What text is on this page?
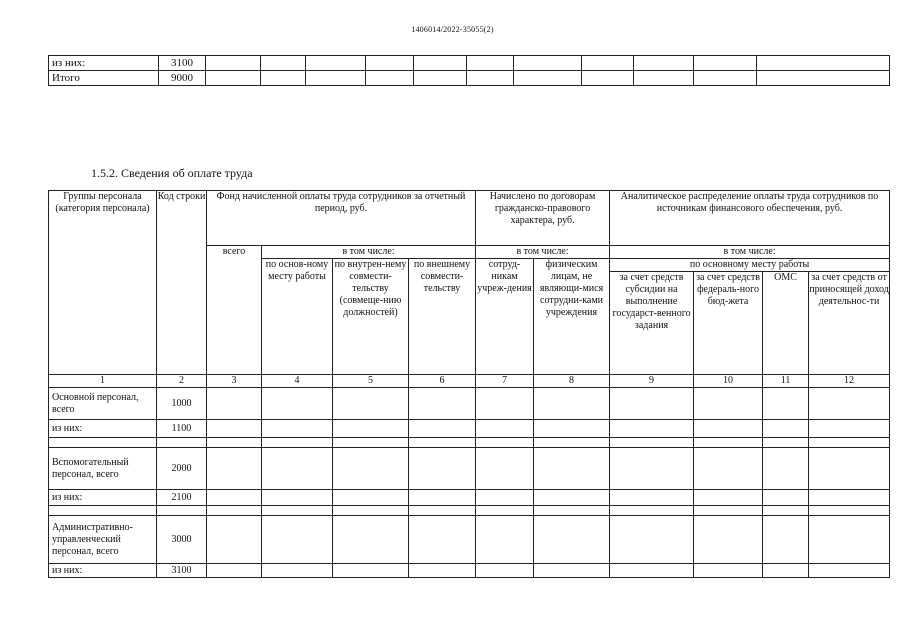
1406014/2022-35055(2)
из них:	3100											
Итого	9000											
1.5.2. Сведения об оплате труда
Группы персонала (категория персонала)	Код строки	Фонд начисленной оплаты труда сотрудников за отчетный период, руб.				Начислено по договорам гражданско-правового характера, руб.		Аналитическое распределение оплаты труда сотрудников по источникам финансового обеспечения, руб.			
		всего	в том числе:			в том числе:		в том числе:			
			по основ-ному месту работы	по внутрен-нему совмести-тельству (совмеще-нию должностей)	по внешнему совмести-тельству	сотруд-никам учреж-дения	физическим лицам, не являющи-мися сотрудни-ками учреждения	по основному месту работы			
								за счет средств субсидии на выполнение государст-венного задания	за счет средств федераль-ного бюд-жета	ОМС	за счет средств от приносящей доход деятельнос-ти
1	2	3	4	5	6	7	8	9	10	11	12
Основной персонал, всего	1000										
из них:	1100										

Вспомогательный персонал, всего	2000										
из них:	2100										

Административно-управленческий персонал, всего	3000										
из них:	3100										
